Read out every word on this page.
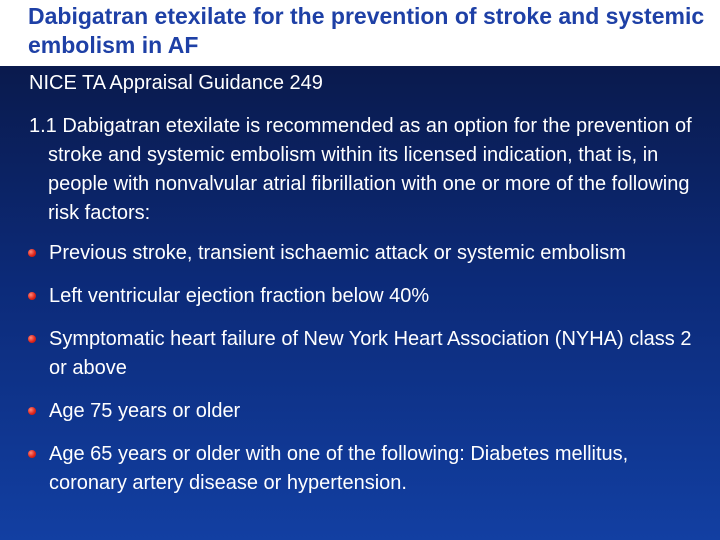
Dabigatran etexilate for the prevention of stroke and systemic embolism in AF

NICE TA Appraisal Guidance 249

1.1 Dabigatran etexilate is recommended as an option for the prevention of stroke and systemic embolism within its licensed indication, that is, in people with nonvalvular atrial fibrillation with one or more of the following risk factors:

Previous stroke, transient ischaemic attack or systemic embolism
Left ventricular ejection fraction below 40%
Symptomatic heart failure of New York Heart Association (NYHA) class 2 or above
Age 75 years or older
Age 65 years or older with one of the following: Diabetes mellitus, coronary artery disease or hypertension.
